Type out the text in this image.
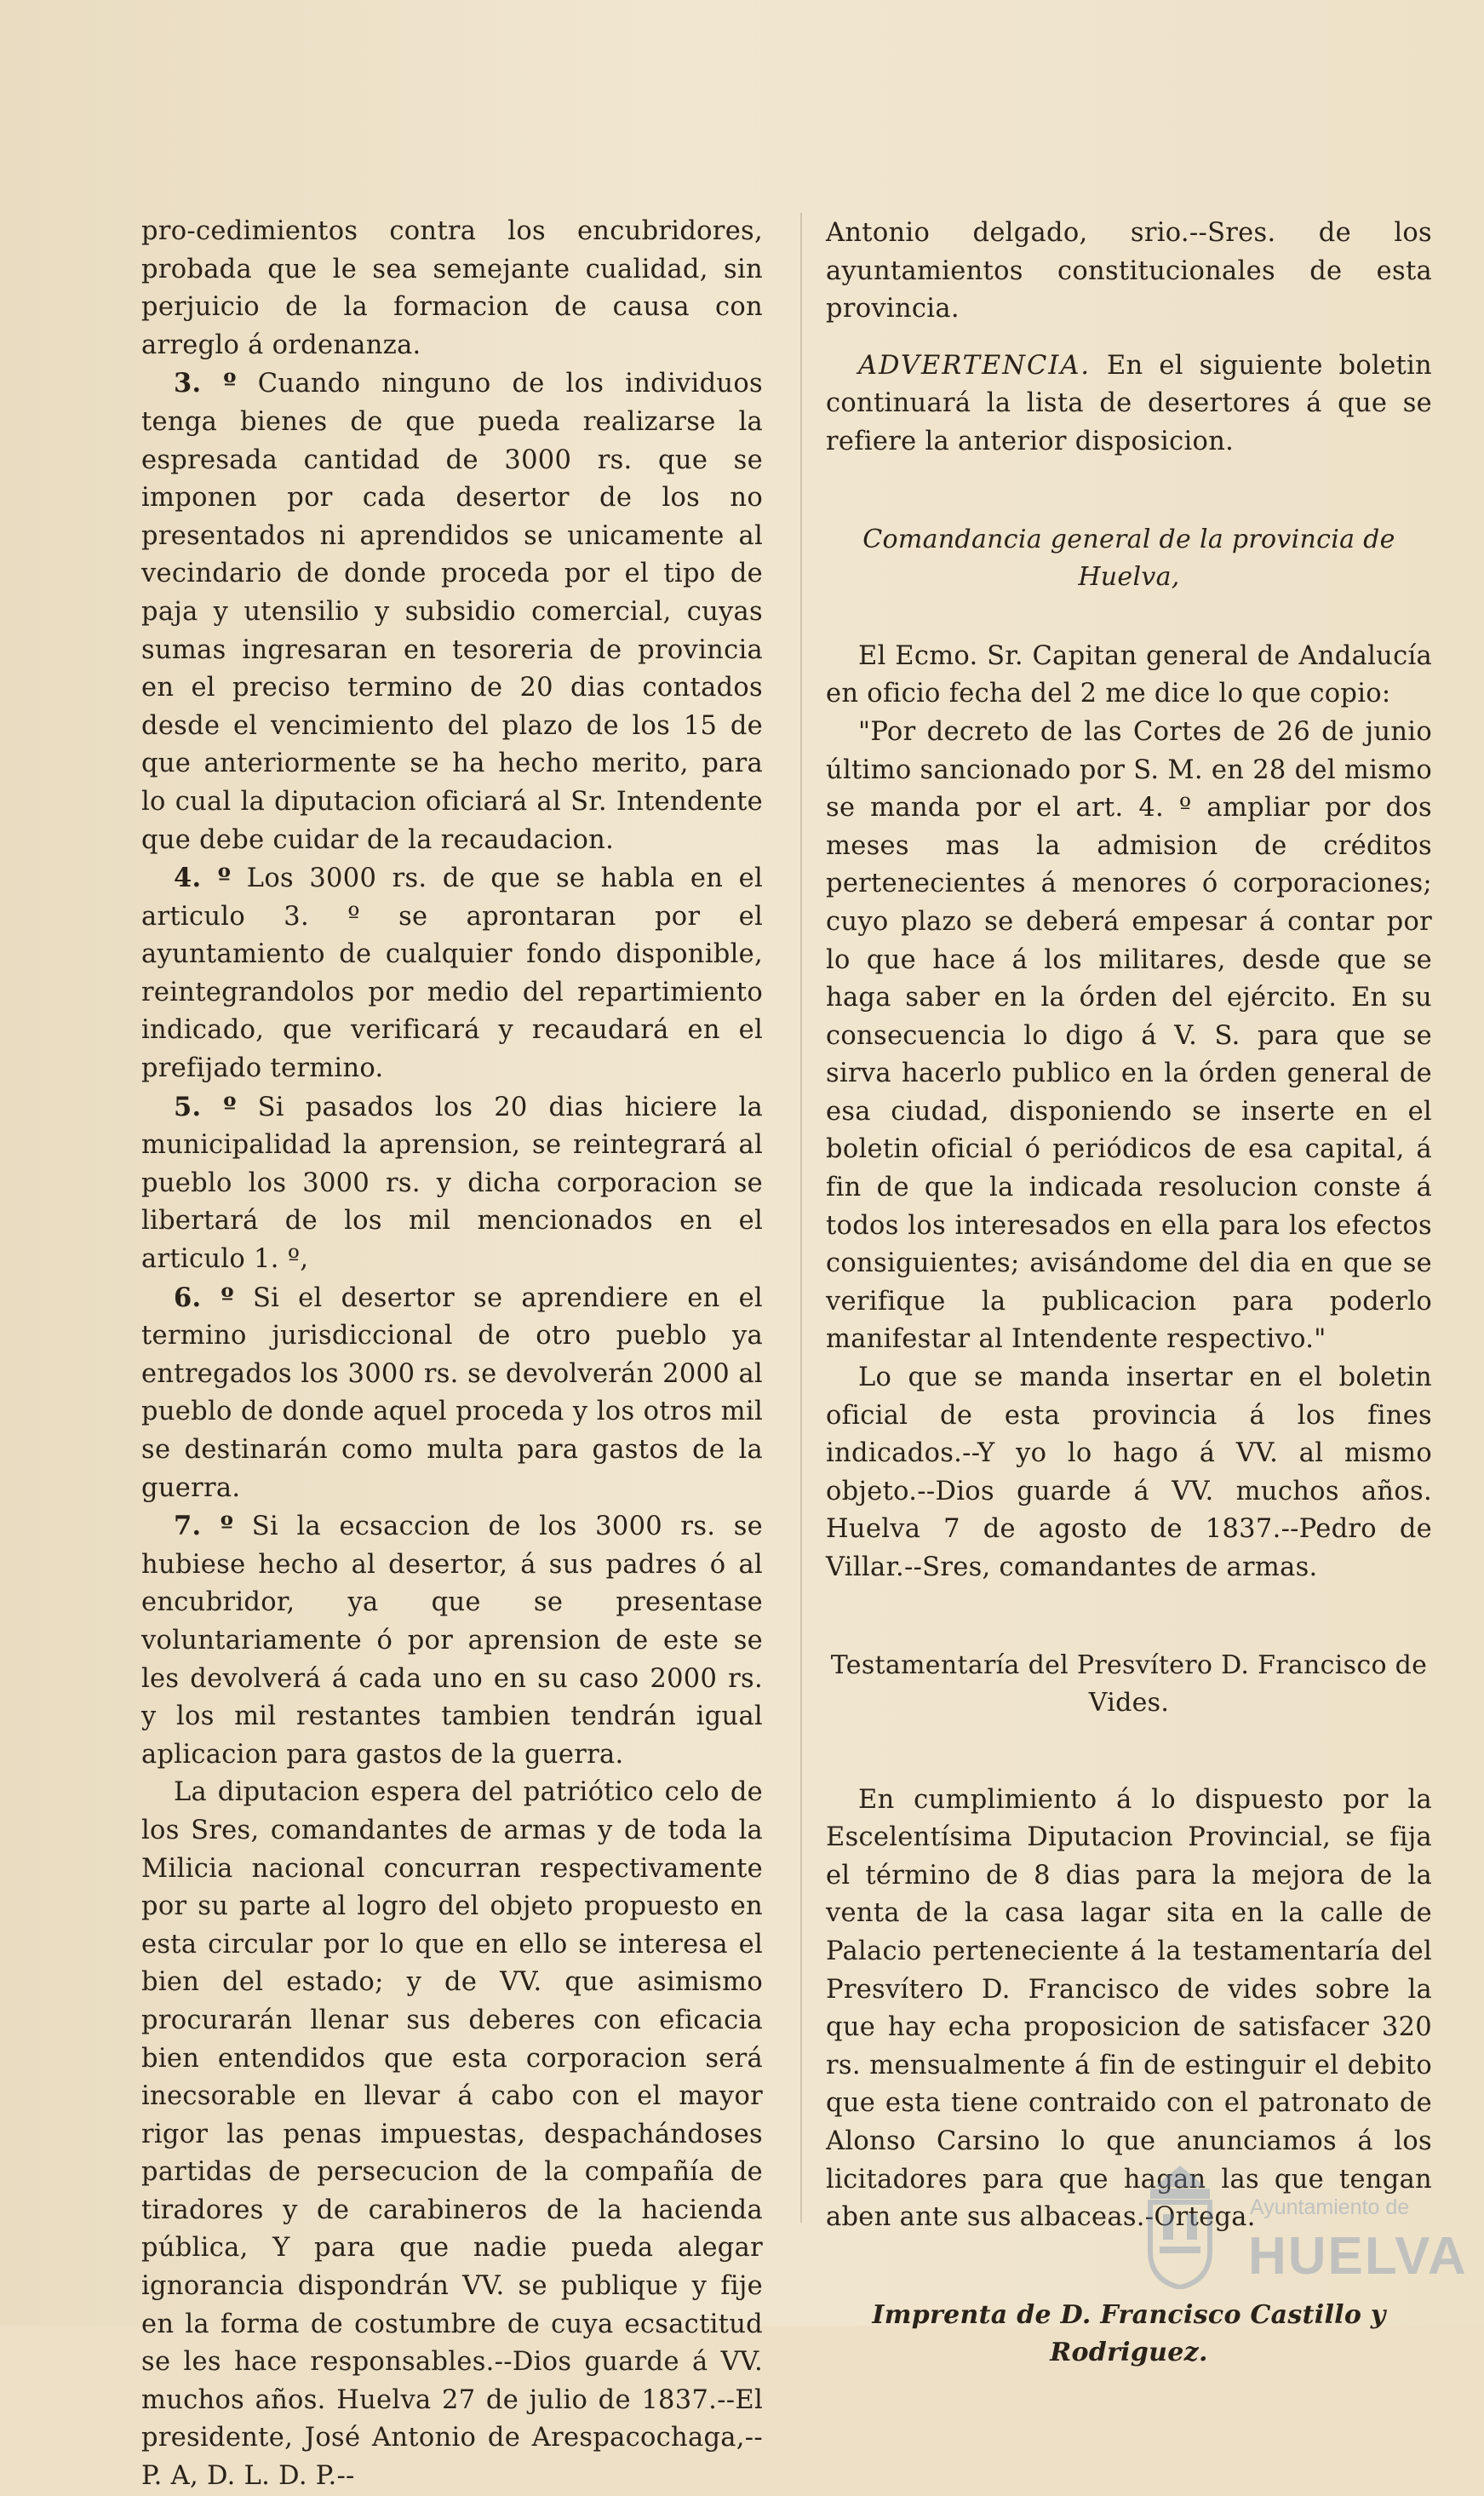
pro-cedimientos contra los encubridores, probada que le sea semejante cualidad, sin perjuicio de la formacion de causa con arreglo á ordenanza.

3. º Cuando ninguno de los individuos tenga bienes de que pueda realizarse la espresada cantidad de 3000 rs. que se imponen por cada desertor de los no presentados ni aprendidos se unicamente al vecindario de donde proceda por el tipo de paja y utensilio y subsidio comercial, cuyas sumas ingresaran en tesoreria de provincia en el preciso termino de 20 dias contados desde el vencimiento del plazo de los 15 de que anteriormente se ha hecho merito, para lo cual la diputacion oficiará al Sr. Intendente que debe cuidar de la recaudacion.

4. º Los 3000 rs. de que se habla en el articulo 3. º se aprontaran por el ayuntamiento de cualquier fondo disponible, reintegrandolos por medio del repartimiento indicado, que verificará y recaudará en el prefijado termino.

5. º Si pasados los 20 dias hiciere la municipalidad la aprension, se reintegrará al pueblo los 3000 rs. y dicha corporacion se libertará de los mil mencionados en el articulo 1. º,

6. º Si el desertor se aprendiere en el termino jurisdiccional de otro pueblo ya entregados los 3000 rs. se devolverán 2000 al pueblo de donde aquel proceda y los otros mil se destinarán como multa para gastos de la guerra.

7. º Si la ecsaccion de los 3000 rs. se hubiese hecho al desertor, á sus padres ó al encubridor, ya que se presentase voluntariamente ó por aprension de este se les devolverá á cada uno en su caso 2000 rs. y los mil restantes tambien tendrán igual aplicacion para gastos de la guerra.

La diputacion espera del patriótico celo de los Sres, comandantes de armas y de toda la Milicia nacional concurran respectivamente por su parte al logro del objeto propuesto en esta circular por lo que en ello se interesa el bien del estado; y de VV. que asimismo procurarán llenar sus deberes con eficacia bien entendidos que esta corporacion será inecsorable en llevar á cabo con el mayor rigor las penas impuestas, despachándoses partidas de persecucion de la compañía de tiradores y de carabineros de la hacienda pública, Y para que nadie pueda alegar ignorancia dispondrán VV. se publique y fije en la forma de costumbre de cuya ecsactitud se les hace responsables.--Dios guarde á VV. muchos años. Huelva 27 de julio de 1837.--El presidente, José Antonio de Arespacochaga,--P. A, D. L. D. P.--

Antonio delgado, srio.--Sres. de los ayuntamientos constitucionales de esta provincia.

ADVERTENCIA. En el siguiente boletin continuará la lista de desertores á que se refiere la anterior disposicion.

Comandancia general de la provincia de Huelva,

El Ecmo. Sr. Capitan general de Andalucía en oficio fecha del 2 me dice lo que copio:

"Por decreto de las Cortes de 26 de junio último sancionado por S. M. en 28 del mismo se manda por el art. 4. º ampliar por dos meses mas la admision de créditos pertenecientes á menores ó corporaciones; cuyo plazo se deberá empesar á contar por lo que hace á los militares, desde que se haga saber en la órden del ejército. En su consecuencia lo digo á V. S. para que se sirva hacerlo publico en la órden general de esa ciudad, disponiendo se inserte en el boletin oficial ó periódicos de esa capital, á fin de que la indicada resolucion conste á todos los interesados en ella para los efectos consiguientes; avisándome del dia en que se verifique la publicacion para poderlo manifestar al Intendente respectivo."

Lo que se manda insertar en el boletin oficial de esta provincia á los fines indicados.--Y yo lo hago á VV. al mismo objeto.--Dios guarde á VV. muchos años. Huelva 7 de agosto de 1837.--Pedro de Villar.--Sres, comandantes de armas.

Testamentaría del Presvítero D. Francisco de Vides.

En cumplimiento á lo dispuesto por la Escelentísima Diputacion Provincial, se fija el término de 8 dias para la mejora de la venta de la casa lagar sita en la calle de Palacio perteneciente á la testamentaría del Presvítero D. Francisco de vides sobre la que hay echa proposicion de satisfacer 320 rs. mensualmente á fin de estinguir el debito que esta tiene contraido con el patronato de Alonso Carsino lo que anunciamos á los licitadores para que hagan las que tengan aben ante sus albaceas.-Ortega.

Imprenta de D. Francisco Castillo y Rodriguez.

Ayuntamiento de
HUELVA
